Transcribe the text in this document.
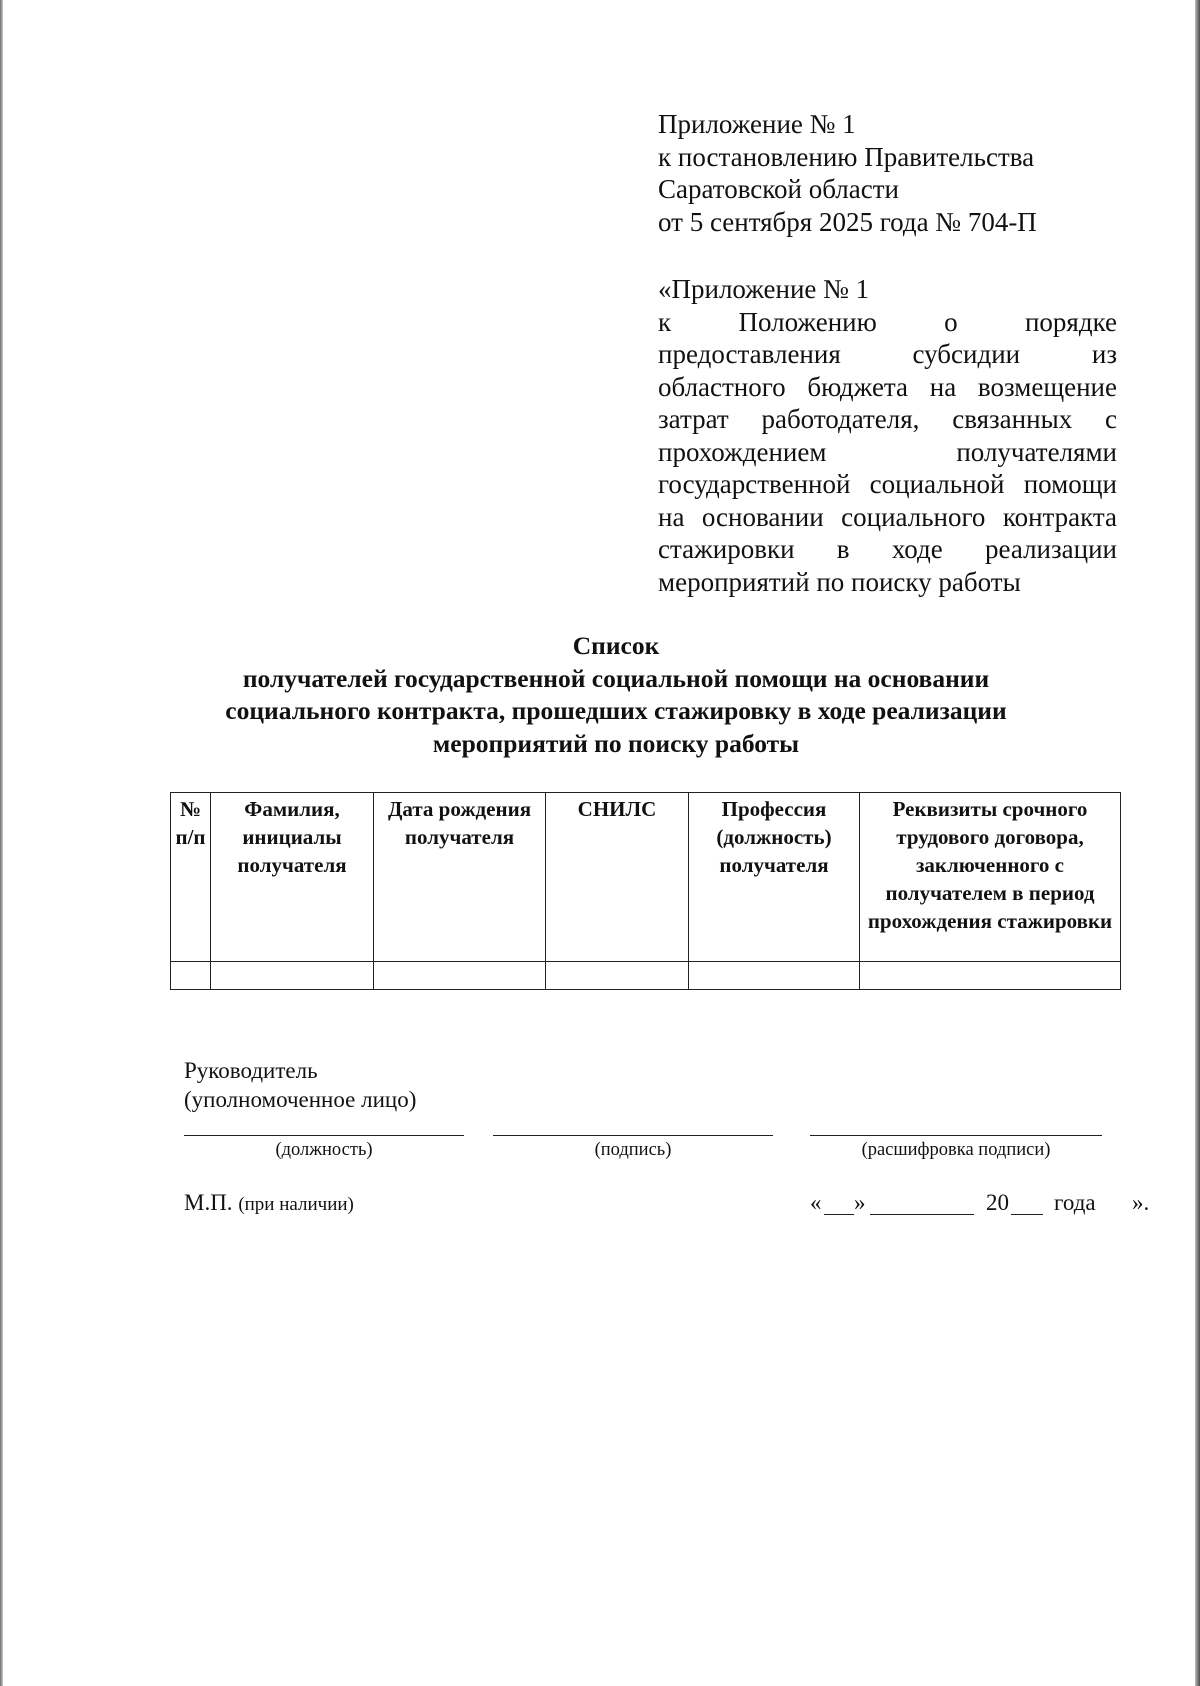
Приложение № 1
к постановлению Правительства
Саратовской области
от 5 сентября 2025 года № 704-П
«Приложение № 1
к Положению о порядке предоставления субсидии из областного бюджета на возмещение затрат работодателя, связанных с прохождением получателями государственной социальной помощи на основании социального контракта стажировки в ходе реализации мероприятий по поиску работы
Список
получателей государственной социальной помощи на основании
социального контракта, прошедших стажировку в ходе реализации
мероприятий по поиску работы
№ п/п	Фамилия, инициалы получателя	Дата рождения получателя	СНИЛС	Профессия (должность) получателя	Реквизиты срочного трудового договора, заключенного с получателем в период прохождения стажировки

Руководитель
(уполномоченное лицо)
(должность)	(подпись)	(расшифровка подписи)
М.П. (при наличии)	« »	20 года ».
